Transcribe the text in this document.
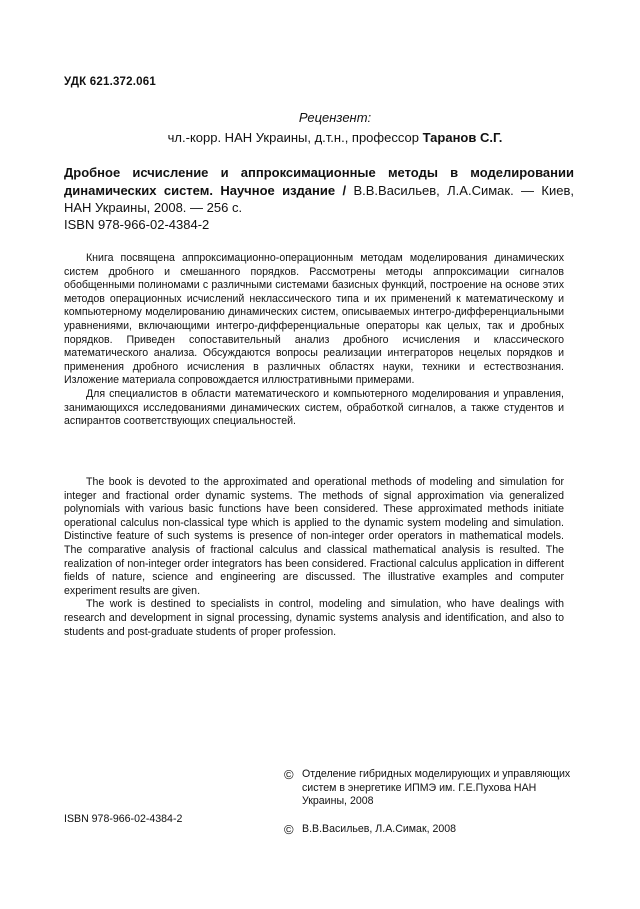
УДК 621.372.061
Рецензент:
чл.-корр. НАН Украины, д.т.н., профессор Таранов С.Г.
Дробное исчисление и аппроксимационные методы в моделировании динамических систем. Научное издание / В.В.Васильев, Л.А.Симак. — Киев, НАН Украины, 2008. — 256 с.
ISBN 978-966-02-4384-2

Книга посвящена аппроксимационно-операционным методам моделирования динамических систем дробного и смешанного порядков. Рассмотрены методы аппроксимации сигналов обобщенными полиномами с различными системами базисных функций, построение на основе этих методов операционных исчислений неклассического типа и их применений к математическому и компьютерному моделированию динамических систем, описываемых интегро-дифференциальными уравнениями, включающими интегро-дифференциальные операторы как целых, так и дробных порядков. Приведен сопоставительный анализ дробного исчисления и классического математического анализа. Обсуждаются вопросы реализации интеграторов нецелых порядков и применения дробного исчисления в различных областях науки, техники и естествознания. Изложение материала сопровождается иллюстративными примерами.

Для специалистов в области математического и компьютерного моделирования и управления, занимающихся исследованиями динамических систем, обработкой сигналов, а также студентов и аспирантов соответствующих специальностей.

The book is devoted to the approximated and operational methods of modeling and simulation for integer and fractional order dynamic systems. The methods of signal approximation via generalized polynomials with various basic functions have been considered. These approximated methods initiate operational calculus non-classical type which is applied to the dynamic system modeling and simulation. Distinctive feature of such systems is presence of non-integer order operators in mathematical models. The comparative analysis of fractional calculus and classical mathematical analysis is resulted. The realization of non-integer order integrators has been considered. Fractional calculus application in different fields of nature, science and engineering are discussed. The illustrative examples and computer experiment results are given.

The work is destined to specialists in control, modeling and simulation, who have dealings with research and development in signal processing, dynamic systems analysis and identification, and also to students and post-graduate students of proper profession.

© Отделение гибридных моделирующих и управляющих систем в энергетике ИПМЭ им. Г.Е.Пухова НАН Украины, 2008
© В.В.Васильев, Л.А.Симак, 2008
ISBN 978-966-02-4384-2
